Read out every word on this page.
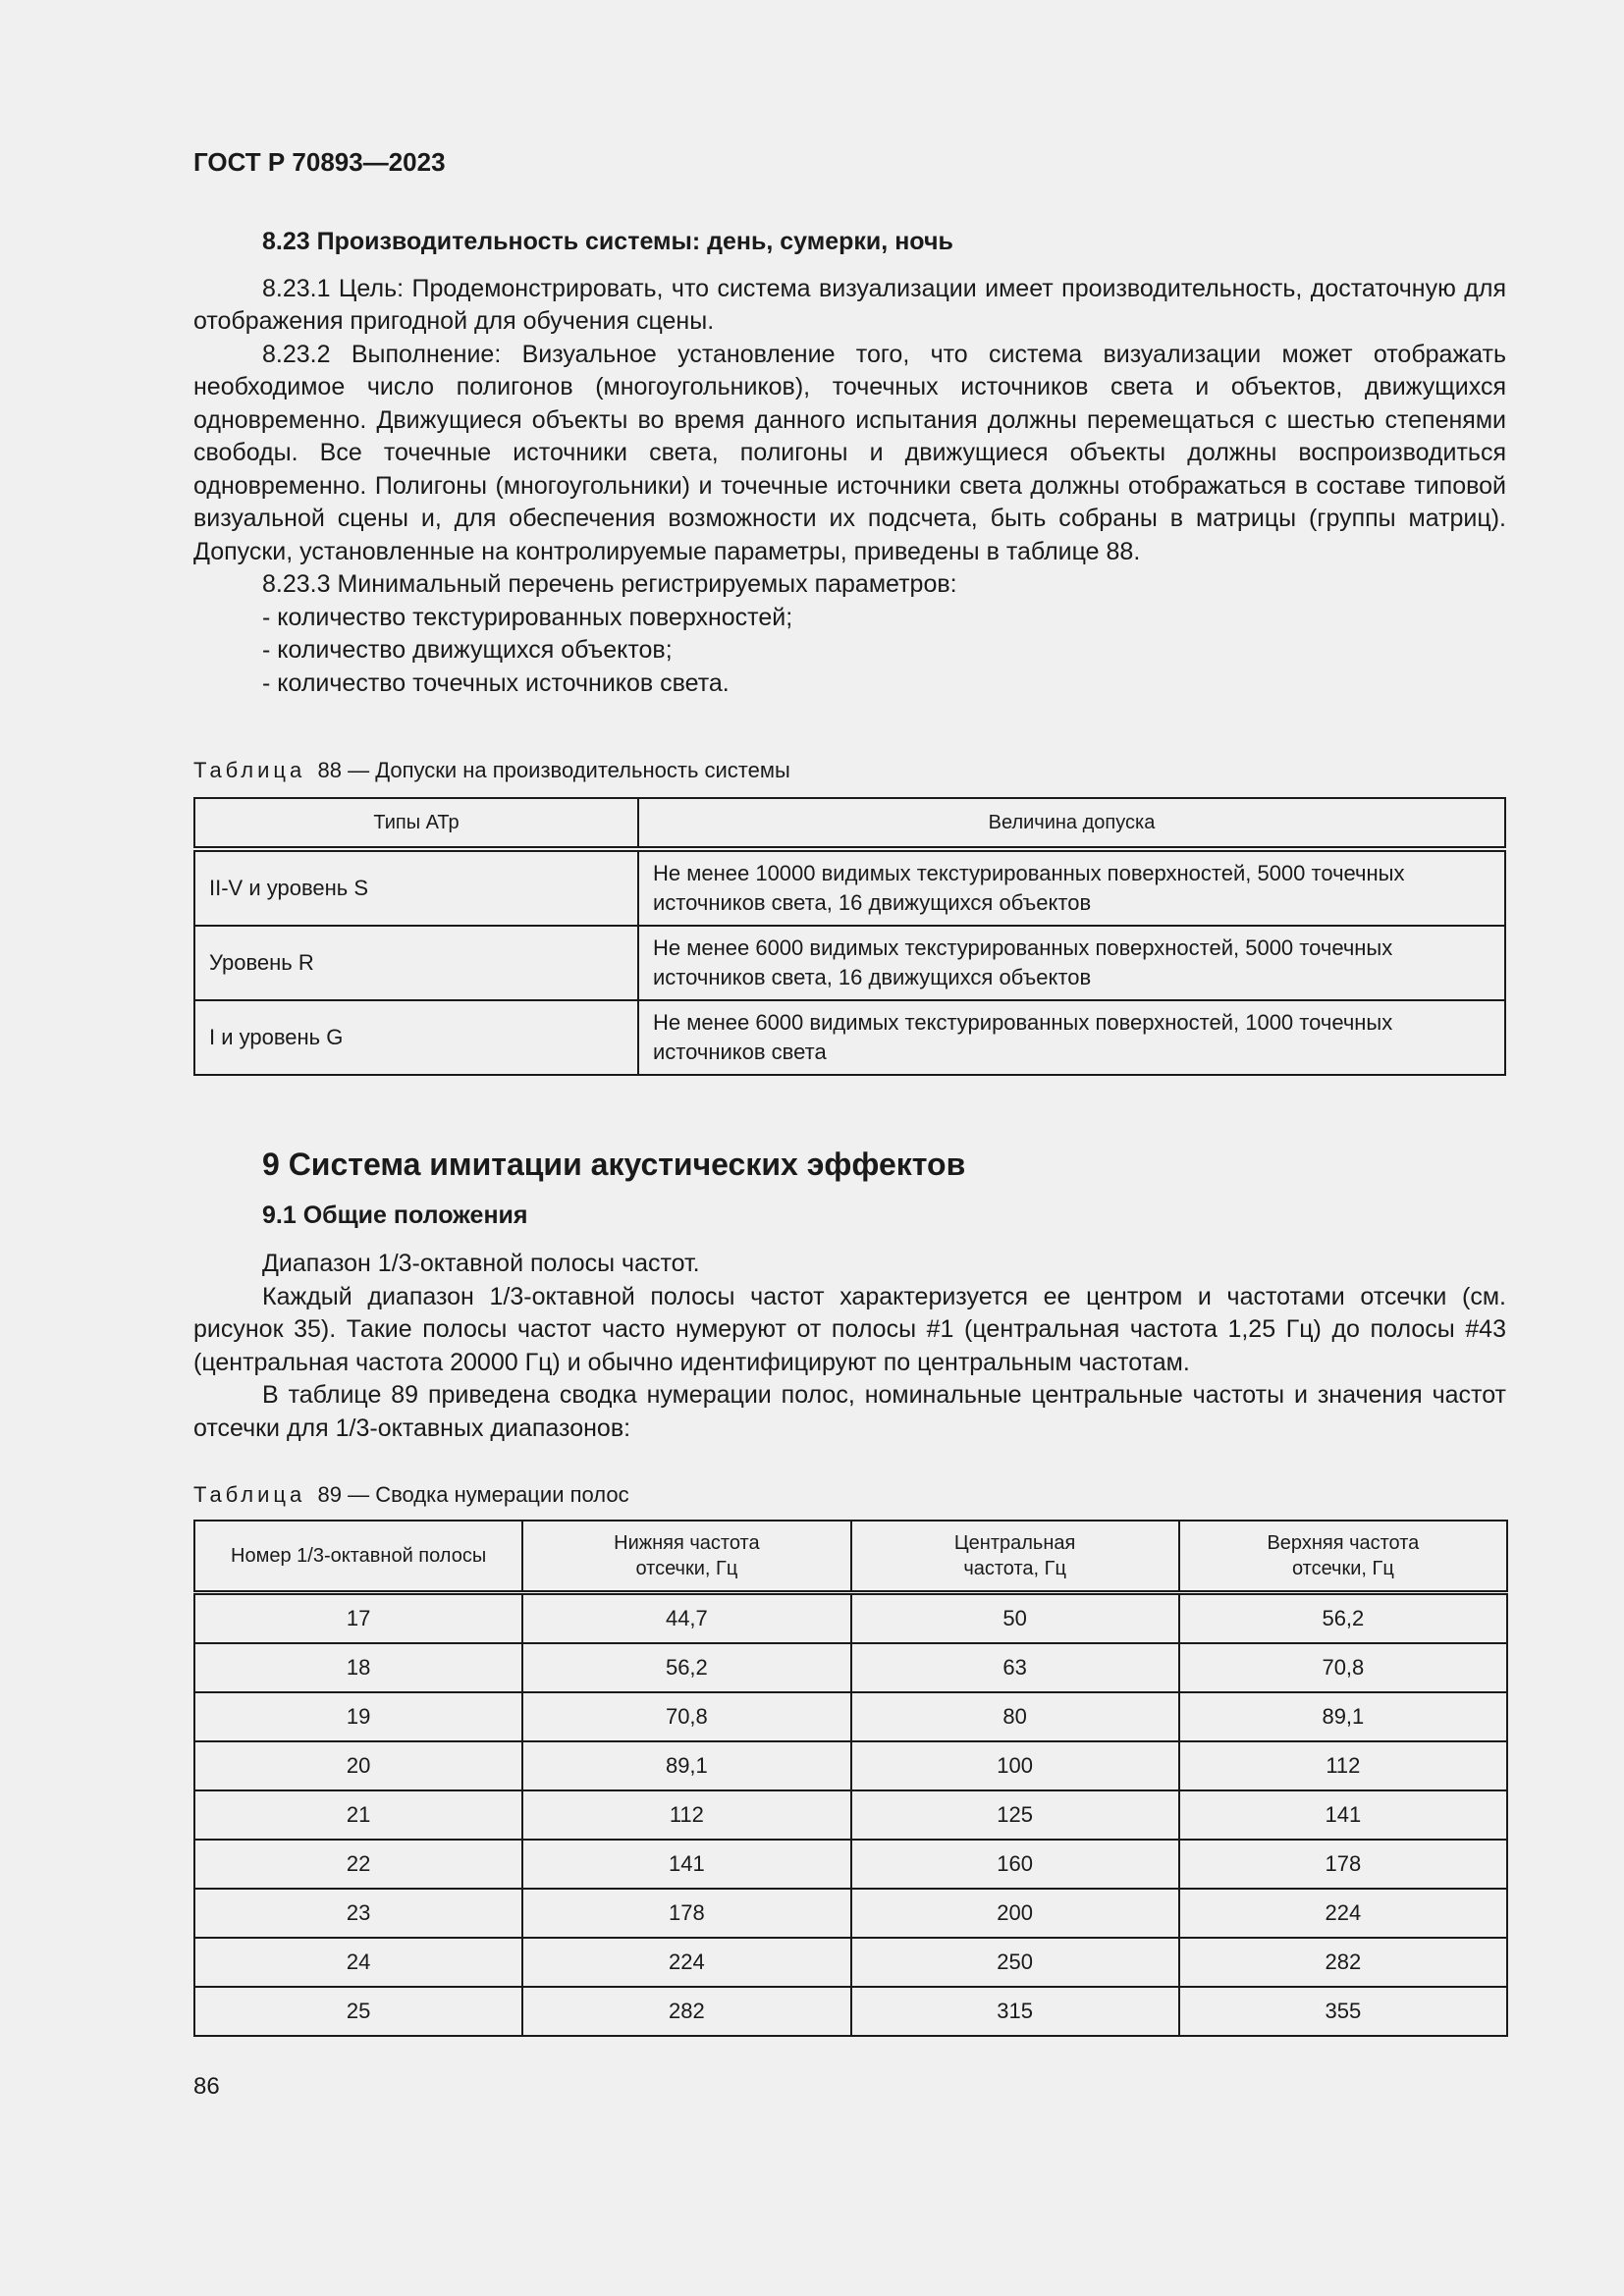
ГОСТ Р 70893—2023
8.23 Производительность системы: день, сумерки, ночь

8.23.1 Цель: Продемонстрировать, что система визуализации имеет производительность, достаточную для отображения пригодной для обучения сцены.

8.23.2 Выполнение: Визуальное установление того, что система визуализации может отображать необходимое число полигонов (многоугольников), точечных источников света и объектов, движущихся одновременно. Движущиеся объекты во время данного испытания должны перемещаться с шестью степенями свободы. Все точечные источники света, полигоны и движущиеся объекты должны воспроизводиться одновременно. Полигоны (многоугольники) и точечные источники света должны отображаться в составе типовой визуальной сцены и, для обеспечения возможности их подсчета, быть собраны в матрицы (группы матриц). Допуски, установленные на контролируемые параметры, приведены в таблице 88.

8.23.3 Минимальный перечень регистрируемых параметров:

- количество текстурированных поверхностей;

- количество движущихся объектов;

- количество точечных источников света.

Таблица 88 — Допуски на производительность системы
Типы АТр	Величина допуска
II-V и уровень S	Не менее 10000 видимых текстурированных поверхностей, 5000 точечных источников света, 16 движущихся объектов
Уровень R	Не менее 6000 видимых текстурированных поверхностей, 5000 точечных источников света, 16 движущихся объектов
I и уровень G	Не менее 6000 видимых текстурированных поверхностей, 1000 точечных источников света
9 Система имитации акустических эффектов
9.1 Общие положения

Диапазон 1/3-октавной полосы частот.

Каждый диапазон 1/3-октавной полосы частот характеризуется ее центром и частотами отсечки (см. рисунок 35). Такие полосы частот часто нумеруют от полосы #1 (центральная частота 1,25 Гц) до полосы #43 (центральная частота 20000 Гц) и обычно идентифицируют по центральным частотам.

В таблице 89 приведена сводка нумерации полос, номинальные центральные частоты и значения частот отсечки для 1/3-октавных диапазонов:

Таблица 89 — Сводка нумерации полос
Номер 1/3-октавной полосы	Нижняя частота отсечки, Гц	Центральная частота, Гц	Верхняя частота отсечки, Гц
17	44,7	50	56,2
18	56,2	63	70,8
19	70,8	80	89,1
20	89,1	100	112
21	112	125	141
22	141	160	178
23	178	200	224
24	224	250	282
25	282	315	355
86
